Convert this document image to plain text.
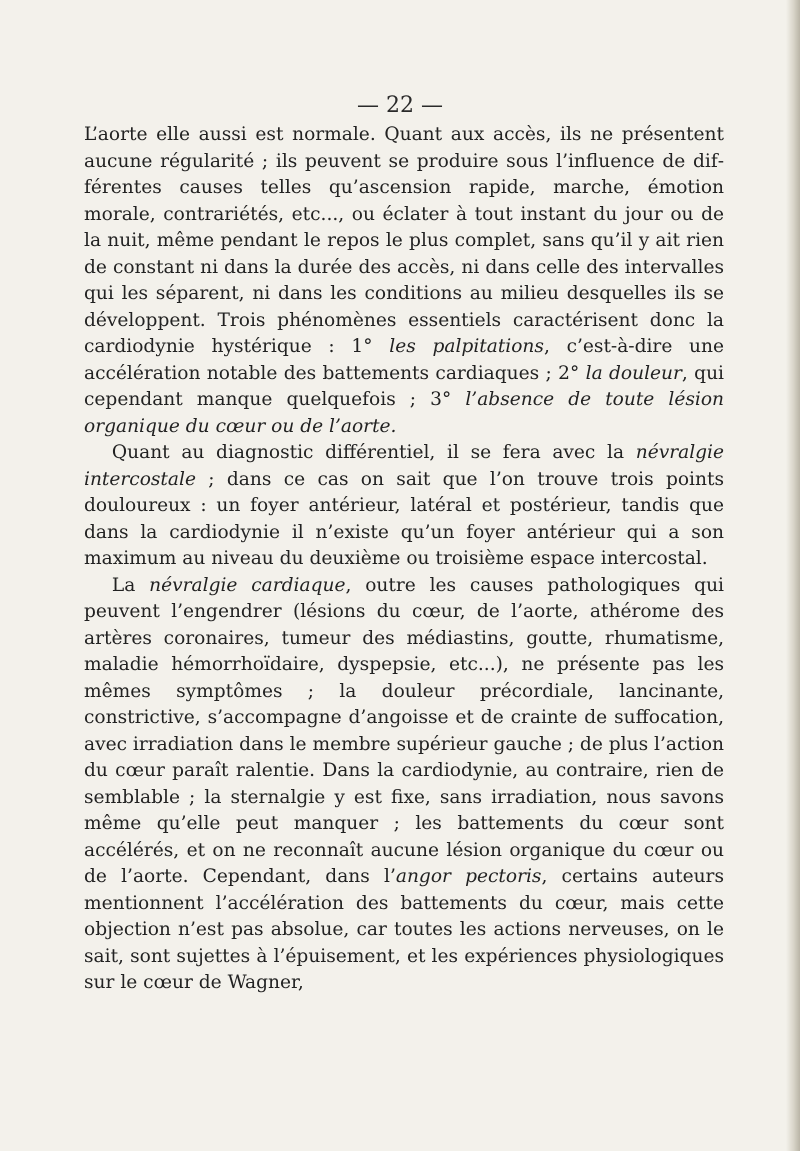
— 22 —

L’aorte elle aussi est normale. Quant aux accès, ils ne présentent aucune régularité ; ils peuvent se produire sous l’influence de différentes causes telles qu’ascension rapide, marche, émotion morale, contrariétés, etc..., ou éclater à tout instant du jour ou de la nuit, même pendant le repos le plus complet, sans qu’il y ait rien de constant ni dans la durée des accès, ni dans celle des intervalles qui les séparent, ni dans les conditions au milieu desquelles ils se développent. Trois phénomènes essentiels caractérisent donc la cardiodynie hystérique : 1° les palpitations, c’est-à-dire une accélération notable des battements cardiaques ; 2° la douleur, qui cependant manque quelquefois ; 3° l’absence de toute lésion organique du cœur ou de l’aorte.

Quant au diagnostic différentiel, il se fera avec la névralgie intercostale ; dans ce cas on sait que l’on trouve trois points douloureux : un foyer antérieur, latéral et postérieur, tandis que dans la cardiodynie il n’existe qu’un foyer antérieur qui a son maximum au niveau du deuxième ou troisième espace intercostal.

La névralgie cardiaque, outre les causes pathologiques qui peuvent l’engendrer (lésions du cœur, de l’aorte, athérome des artères coronaires, tumeur des médiastins, goutte, rhumatisme, maladie hémorrhoïdaire, dyspepsie, etc...), ne présente pas les mêmes symptômes ; la douleur précordiale, lancinante, constrictive, s’accompagne d’angoisse et de crainte de suffocation, avec irradiation dans le membre supérieur gauche ; de plus l’action du cœur paraît ralentie. Dans la cardiodynie, au contraire, rien de semblable ; la sternalgie y est fixe, sans irradiation, nous savons même qu’elle peut manquer ; les battements du cœur sont accélérés, et on ne reconnaît aucune lésion organique du cœur ou de l’aorte. Cependant, dans l’angor pectoris, certains auteurs mentionnent l’accélération des battements du cœur, mais cette objection n’est pas absolue, car toutes les actions nerveuses, on le sait, sont sujettes à l’épuisement, et les expériences physiologiques sur le cœur de Wagner,
